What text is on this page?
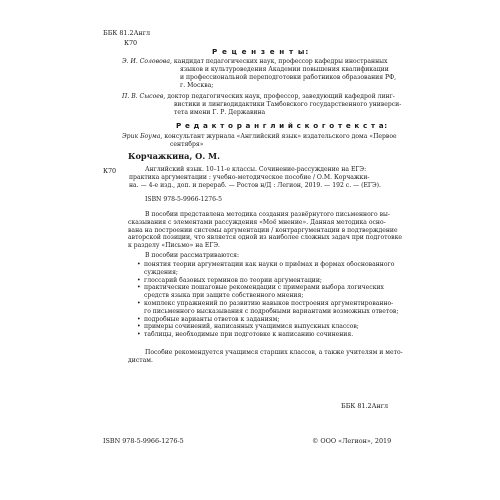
ББК 81.2Англ
К70
Р е ц е н з е н т ы:
Э. И. Соловова, кандидат педагогических наук, профессор кафедры иностранных
языков и культуроведения Академии повышения квалификации
и профессиональной переподготовки работников образования РФ,
г. Москва;
П. В. Сысоев, доктор педагогических наук, профессор, заведующий кафедрой линг-
вистики и лингводидактики Тамбовского государственного универси-
тета имени Г. Р. Державина
Р е д а к т о р а н г л и й с к о г о т е к с т а:
Эрик Боума, консультант журнала «Английский язык» издательского дома «Первое
сентября»
Корчажкина, О. М.
К70	Английский язык. 10–11-е классы. Сочинение-рассуждение на ЕГЭ:
практика аргументации : учебно-методическое пособие / О.М. Корчажки-
на. — 4-е изд., доп. и перераб. — Ростов н/Д : Легион, 2019. — 192 с. — (ЕГЭ).
ISBN 978-5-9966-1276-5
В пособии представлена методика создания развёрнутого письменного вы-
сказывания с элементами рассуждения «Моё мнение». Данная методика осно-
вана на построении системы аргументации / контраргументации в подтверждение
авторской позиции, что является одной из наиболее сложных задач при подготовке
к разделу «Письмо» на ЕГЭ.
В пособии рассматриваются:
• понятия теории аргументации как науки о приёмах и формах обоснованного
суждения;
• глоссарий базовых терминов по теории аргументации;
• практические пошаговые рекомендации с примерами выбора логических
средств языка при защите собственного мнения;
• комплекс упражнений по развитию навыков построения аргументированно-
го письменного высказывания с подробными вариантами возможных ответов;
• подробные варианты ответов к заданиям;
• примеры сочинений, написанных учащимися выпускных классов;
• таблицы, необходимые при подготовке к написанию сочинения.
Пособие рекомендуется учащимся старших классов, а также учителям и мето-
дистам.
ББК 81.2Англ
ISBN 978-5-9966-1276-5	© ООО «Легион», 2019
